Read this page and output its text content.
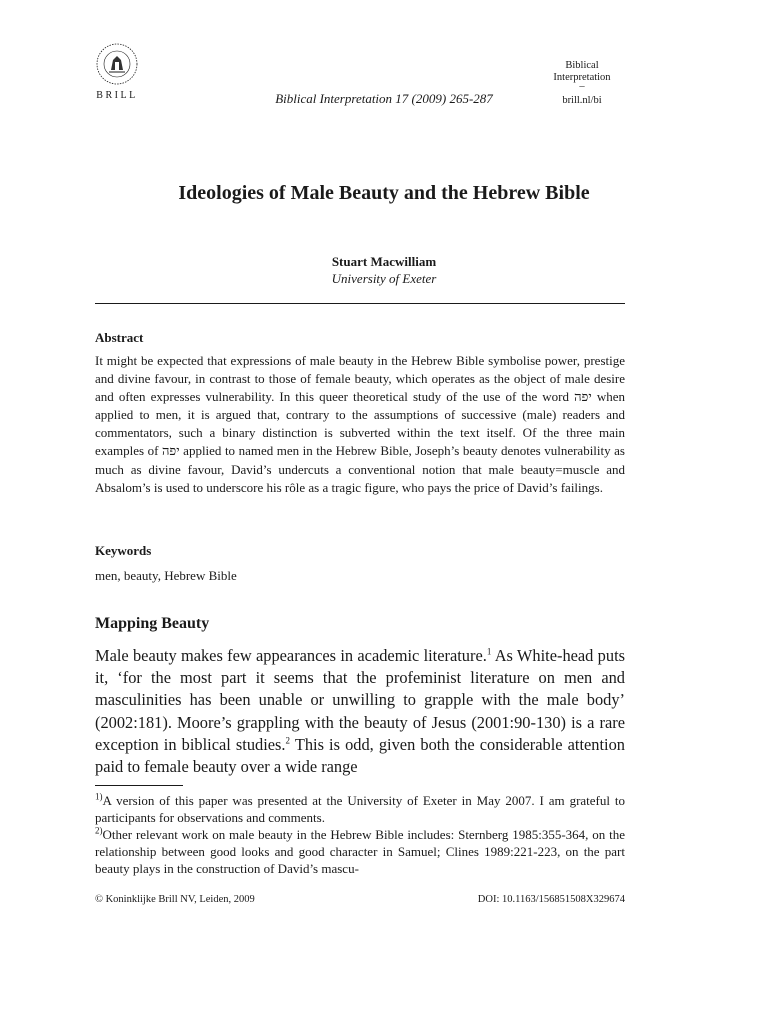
BRILL	Biblical Interpretation 17 (2009) 265-287
Biblical
Interpretation
–
brill.nl/bi
Ideologies of Male Beauty and the Hebrew Bible
Stuart Macwilliam
University of Exeter
Abstract

It might be expected that expressions of male beauty in the Hebrew Bible symbolise power, prestige and divine favour, in contrast to those of female beauty, which operates as the object of male desire and often expresses vulnerability. In this queer theoretical study of the use of the word יפה when applied to men, it is argued that, contrary to the assumptions of successive (male) readers and commentators, such a binary distinction is subverted within the text itself. Of the three main examples of יפה applied to named men in the Hebrew Bible, Joseph’s beauty denotes vulnerability as much as divine favour, David’s undercuts a conventional notion that male beauty=muscle and Absalom’s is used to underscore his rôle as a tragic figure, who pays the price of David’s failings.

Keywords
men, beauty, Hebrew Bible
Mapping Beauty

Male beauty makes few appearances in academic literature.$^1$ As White-head puts it, ‘for the most part it seems that the profeminist literature on men and masculinities has been unable or unwilling to grapple with the male body’ (2002:181). Moore’s grappling with the beauty of Jesus (2001:90-130) is a rare exception in biblical studies.$^2$ This is odd, given both the considerable attention paid to female beauty over a wide range

$^{1)}$A version of this paper was presented at the University of Exeter in May 2007. I am grateful to participants for observations and comments.

$^{2)}$Other relevant work on male beauty in the Hebrew Bible includes: Sternberg 1985:355-364, on the relationship between good looks and good character in Samuel; Clines 1989:221-223, on the part beauty plays in the construction of David’s mascu-

© Koninklijke Brill NV, Leiden, 2009	DOI: 10.1163/156851508X329674
